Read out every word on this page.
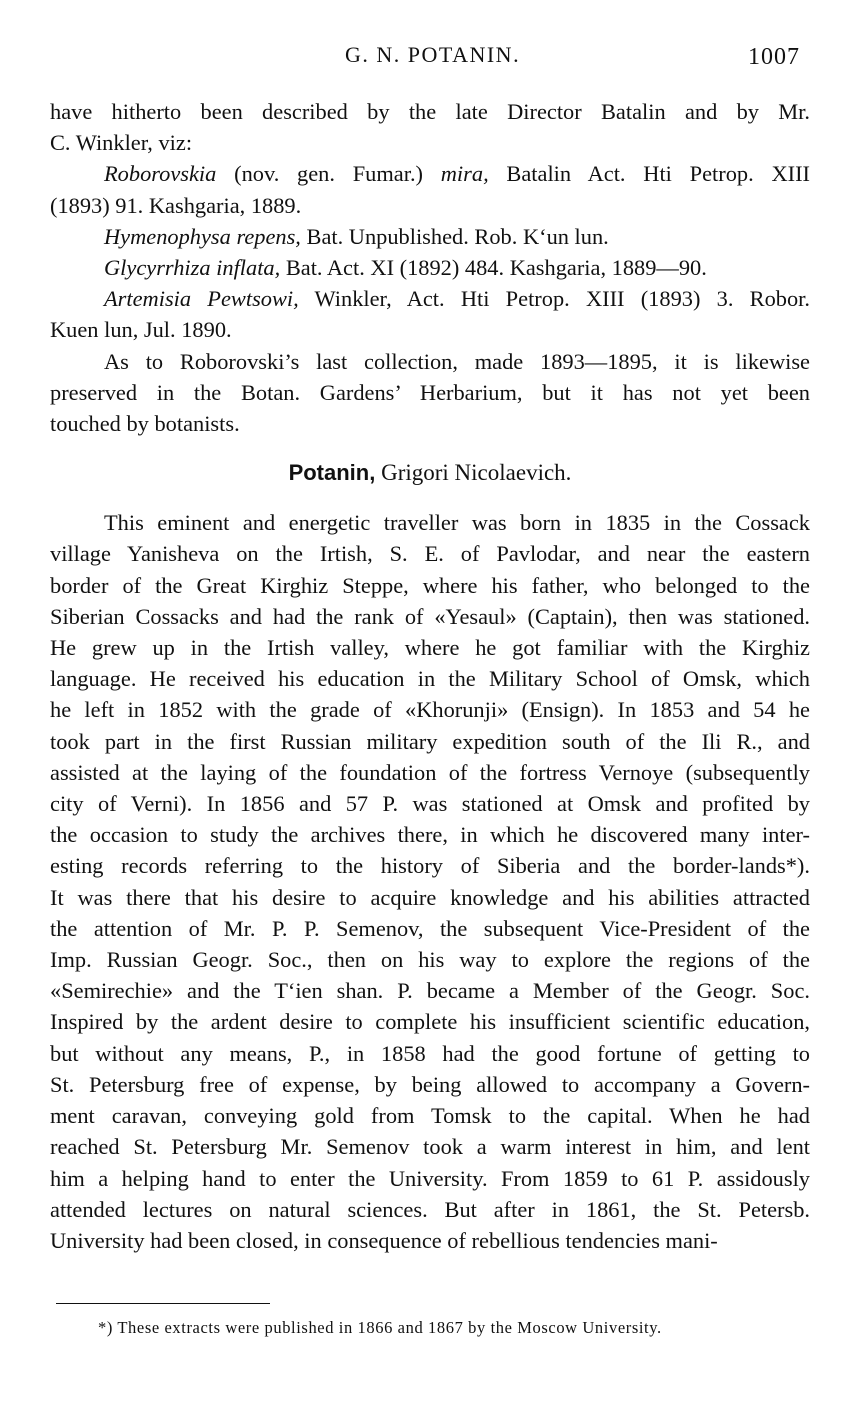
G. N. POTANIN.	1007

have hitherto been described by the late Director Batalin and by Mr.

C. Winkler, viz:

Roborovskia (nov. gen. Fumar.) mira, Batalin Act. Hti Petrop. XIII

(1893) 91. Kashgaria, 1889.

Hymenophysa repens, Bat. Unpublished. Rob. Kʻun lun.

Glycyrrhiza inflata, Bat. Act. XI (1892) 484. Kashgaria, 1889—90.

Artemisia Pewtsowi, Winkler, Act. Hti Petrop. XIII (1893) 3. Robor.

Kuen lun, Jul. 1890.

As to Roborovski’s last collection, made 1893—1895, it is likewise

preserved in the Botan. Gardens’ Herbarium, but it has not yet been

touched by botanists.

Potanin, Grigori Nicolaevich.

This eminent and energetic traveller was born in 1835 in the Cossack

village Yanisheva on the Irtish, S. E. of Pavlodar, and near the eastern

border of the Great Kirghiz Steppe, where his father, who belonged to the

Siberian Cossacks and had the rank of «Yesaul» (Captain), then was stationed.

He grew up in the Irtish valley, where he got familiar with the Kirghiz

language. He received his education in the Military School of Omsk, which

he left in 1852 with the grade of «Khorunji» (Ensign). In 1853 and 54 he

took part in the first Russian military expedition south of the Ili R., and

assisted at the laying of the foundation of the fortress Vernoye (subsequently

city of Verni). In 1856 and 57 P. was stationed at Omsk and profited by

the occasion to study the archives there, in which he discovered many inter-

esting records referring to the history of Siberia and the border-lands*).

It was there that his desire to acquire knowledge and his abilities attracted

the attention of Mr. P. P. Semenov, the subsequent Vice-President of the

Imp. Russian Geogr. Soc., then on his way to explore the regions of the

«Semirechie» and the Tʻien shan. P. became a Member of the Geogr. Soc.

Inspired by the ardent desire to complete his insufficient scientific education,

but without any means, P., in 1858 had the good fortune of getting to

St. Petersburg free of expense, by being allowed to accompany a Govern-

ment caravan, conveying gold from Tomsk to the capital. When he had

reached St. Petersburg Mr. Semenov took a warm interest in him, and lent

him a helping hand to enter the University. From 1859 to 61 P. assidously

attended lectures on natural sciences. But after in 1861, the St. Petersb.

University had been closed, in consequence of rebellious tendencies mani-

*) These extracts were published in 1866 and 1867 by the Moscow University.
